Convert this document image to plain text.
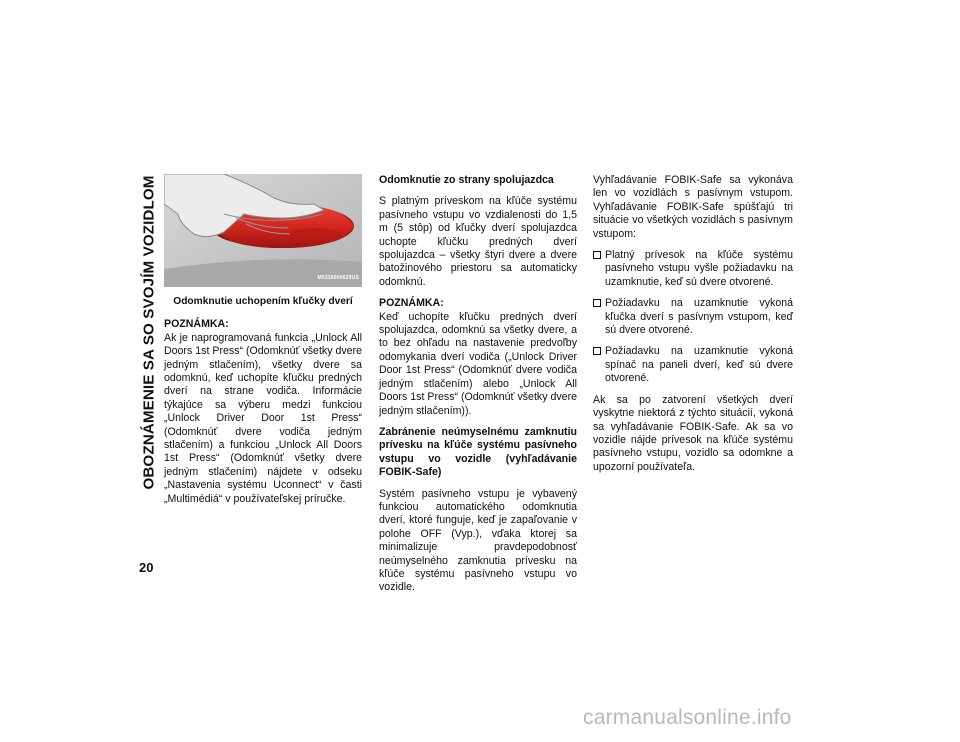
OBOZNÁMENIE SA SO SVOJÍM VOZIDLOM
20
M0316000629US
Odomknutie uchopením kľučky dverí

POZNÁMKA:
Ak je naprogramovaná funkcia „Unlock All Doors 1st Press“ (Odomknúť všetky dvere jedným stlačením), všetky dvere sa odomknú, keď uchopíte kľučku predných dverí na strane vodiča. Informácie týkajúce sa výberu medzi funkciou „Unlock Driver Door 1st Press“ (Odomknúť dvere vodiča jedným stlačením) a funkciou „Unlock All Doors 1st Press“ (Odomknúť všetky dvere jedným stlačením) nájdete v odseku „Nastavenia systému Uconnect“ v časti „Multimédiá“ v používateľskej príručke.

Odomknutie zo strany spolujazdca

S platným príveskom na kľúče systému pasívneho vstupu vo vzdialenosti do 1,5 m (5 stôp) od kľučky dverí spolujazdca uchopte kľučku predných dverí spolujazdca – všetky štyri dvere a dvere batožinového priestoru sa automaticky odomknú.

POZNÁMKA:
Keď uchopíte kľučku predných dverí spolujazdca, odomknú sa všetky dvere, a to bez ohľadu na nastavenie predvoľby odomykania dverí vodiča („Unlock Driver Door 1st Press“ (Odomknúť dvere vodiča jedným stlačením) alebo „Unlock All Doors 1st Press“ (Odomknúť všetky dvere jedným stlačením)).

Zabránenie neúmyselnému zamknutiu prívesku na kľúče systému pasívneho vstupu vo vozidle (vyhľadávanie FOBIK-Safe)

Systém pasívneho vstupu je vybavený funkciou automatického odomknutia dverí, ktoré funguje, keď je zapaľovanie v polohe OFF (Vyp.), vďaka ktorej sa minimalizuje pravdepodobnosť neúmyselného zamknutia prívesku na kľúče systému pasívneho vstupu vo vozidle.

Vyhľadávanie FOBIK-Safe sa vykonáva len vo vozidlách s pasívnym vstupom. Vyhľadávanie FOBIK-Safe spúšťajú tri situácie vo všetkých vozidlách s pasívnym vstupom:

Platný prívesok na kľúče systému pasívneho vstupu vyšle požiadavku na uzamknutie, keď sú dvere otvorené.
Požiadavku na uzamknutie vykoná kľučka dverí s pasívnym vstupom, keď sú dvere otvorené.
Požiadavku na uzamknutie vykoná spínač na paneli dverí, keď sú dvere otvorené.

Ak sa po zatvorení všetkých dverí vyskytne niektorá z týchto situácií, vykoná sa vyhľadávanie FOBIK-Safe. Ak sa vo vozidle nájde prívesok na kľúče systému pasívneho vstupu, vozidlo sa odomkne a upozorní používateľa.

carmanualsonline.info
